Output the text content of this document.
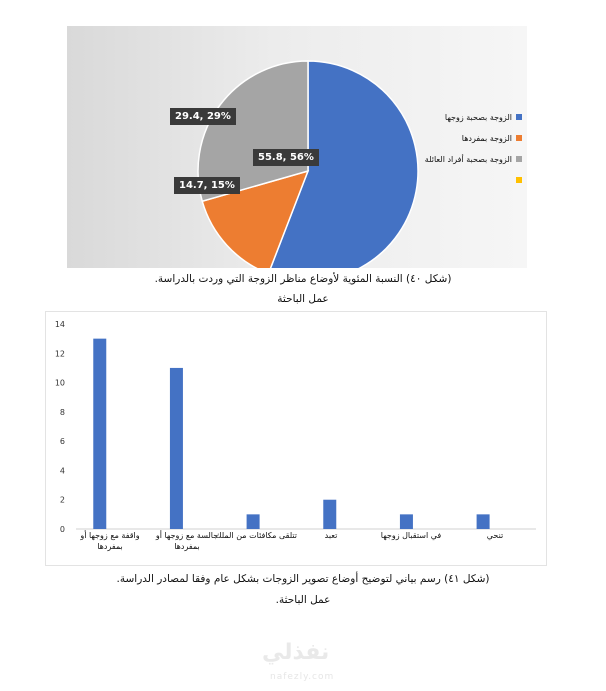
55.8, 56%
14.7, 15%
29.4, 29%	الزوجة بصحبة زوجها
الزوجة بمفردها
الزوجة بصحبة أفراد العائلة
(شكل ٤٠) النسبة المئوية لأوضاع مناظر الزوجة التي وردت بالدراسة.
عمل الباحثة
0
2
4
6
8
10
12
14
واقفة مع زوجها أو بمفردها
جالسة مع زوجها أو بمفردها
تتلقى مكافئات من الملك	تعبد	في استقبال زوجها	تنحي
(شكل ٤١) رسم بياني لتوضيح أوضاع تصوير الزوجات بشكل عام وفقا لمصادر الدراسة.
عمل الباحثة.
نفذلي
nafezly.com
